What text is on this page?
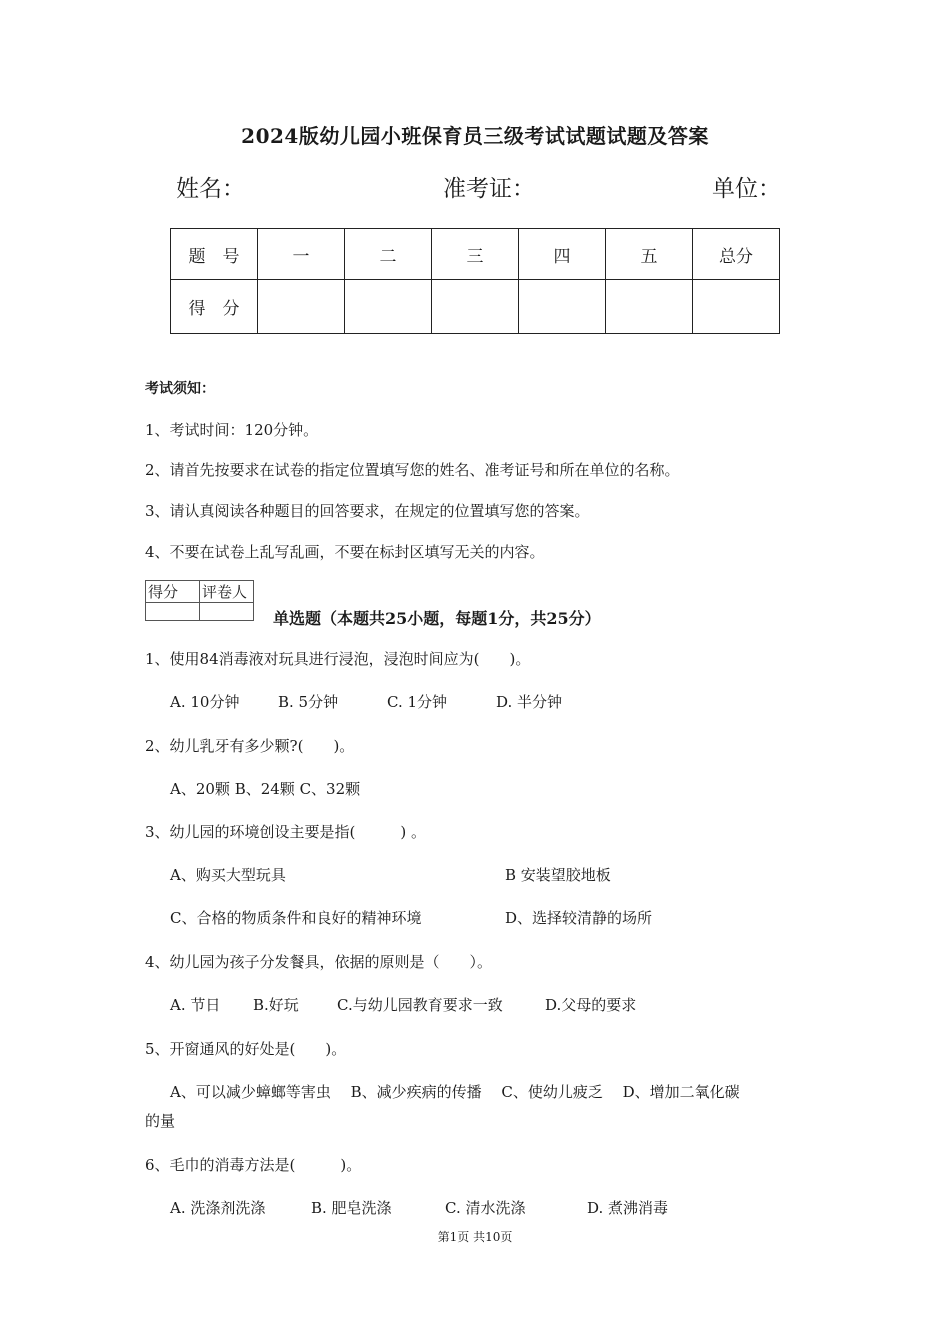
2024版幼儿园小班保育员三级考试试题试题及答案
姓名：	准考证：	单位：
题　号	一	二	三	四	五	总分
得　分						
考试须知：
1、考试时间：120分钟。
2、请首先按要求在试卷的指定位置填写您的姓名、准考证号和所在单位的名称。
3、请认真阅读各种题目的回答要求，在规定的位置填写您的答案。
4、不要在试卷上乱写乱画，不要在标封区填写无关的内容。
得分	评卷人

单选题（本题共25小题，每题1分，共25分）
1、使用84消毒液对玩具进行浸泡，浸泡时间应为(　　)。
A. 10分钟	B. 5分钟	C. 1分钟	D. 半分钟
2、幼儿乳牙有多少颗?(　　)。
A、20颗 B、24颗 C、32颗
3、幼儿园的环境创设主要是指(　　　) 。
A、购买大型玩具	B 安装望胶地板
C、合格的物质条件和良好的精神环境	D、选择较清静的场所
4、幼儿园为孩子分发餐具，依据的原则是（　　）。
A. 节日 B.好玩	C.与幼儿园教育要求一致	D.父母的要求
5、开窗通风的好处是(　　)。
A、可以减少蟑螂等害虫　 B、减少疾病的传播　 C、使幼儿疲乏　 D、增加二氧化碳
的量
6、毛巾的消毒方法是(　　　)。
A. 洗涤剂洗涤	B. 肥皂洗涤	C. 清水洗涤	D. 煮沸消毒
第1页 共10页
